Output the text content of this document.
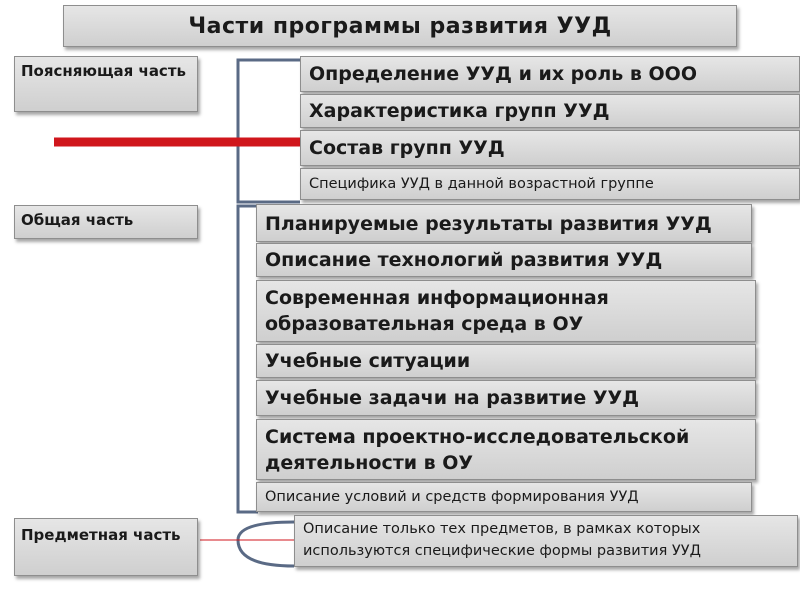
Части программы развития УУД
Поясняющая часть
Общая часть
Предметная часть
Определение УУД и их роль в ООО
Характеристика групп УУД
Состав групп УУД
Специфика УУД в данной возрастной группе
Планируемые результаты развития УУД
Описание технологий развития УУД
Современная информационная образовательная среда в ОУ
Учебные ситуации
Учебные задачи на развитие УУД
Система проектно-исследовательской деятельности в ОУ
Описание условий и средств формирования УУД
Описание только тех предметов, в рамках которых используются специфические формы развития УУД
